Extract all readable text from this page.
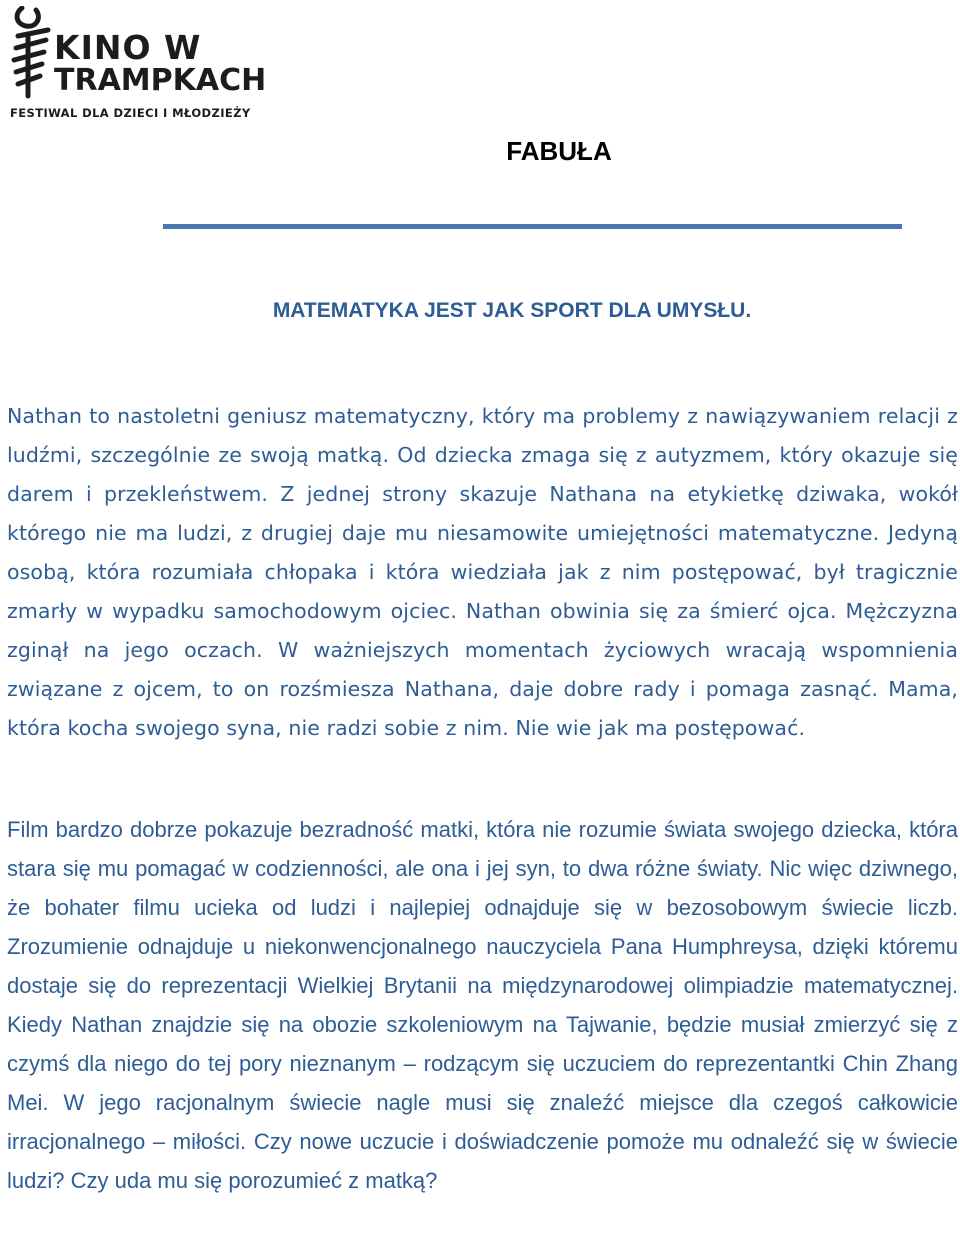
KINO W
TRAMPKACH
FESTIWAL DLA DZIECI I MŁODZIEŻY
FABUŁA
MATEMATYKA JEST JAK SPORT DLA UMYSŁU.

Nathan to nastoletni geniusz matematyczny, który ma problemy z nawiązywaniem relacji z ludźmi, szczególnie ze swoją matką. Od dziecka zmaga się z autyzmem, który okazuje się darem i przekleństwem. Z jednej strony skazuje Nathana na etykietkę dziwaka, wokół którego nie ma ludzi, z drugiej daje mu niesamowite umiejętności matematyczne. Jedyną osobą, która rozumiała chłopaka i która wiedziała jak z nim postępować, był tragicznie zmarły w wypadku samochodowym ojciec. Nathan obwinia się za śmierć ojca. Mężczyzna zginął na jego oczach. W ważniejszych momentach życiowych wracają wspomnienia związane z ojcem, to on rozśmiesza Nathana, daje dobre rady i pomaga zasnąć. Mama, która kocha swojego syna, nie radzi sobie z nim. Nie wie jak ma postępować.

Film bardzo dobrze pokazuje bezradność matki, która nie rozumie świata swojego dziecka, która stara się mu pomagać w codzienności, ale ona i jej syn, to dwa różne światy. Nic więc dziwnego, że bohater filmu ucieka od ludzi i najlepiej odnajduje się w bezosobowym świecie liczb. Zrozumienie odnajduje u niekonwencjonalnego nauczyciela Pana Humphreysa, dzięki któremu dostaje się do reprezentacji Wielkiej Brytanii na międzynarodowej olimpiadzie matematycznej. Kiedy Nathan znajdzie się na obozie szkoleniowym na Tajwanie, będzie musiał zmierzyć się z czymś dla niego do tej pory nieznanym – rodzącym się uczuciem do reprezentantki Chin Zhang Mei. W jego racjonalnym świecie nagle musi się znaleźć miejsce dla czegoś całkowicie irracjonalnego – miłości. Czy nowe uczucie i doświadczenie pomoże mu odnaleźć się w świecie ludzi? Czy uda mu się porozumieć z matką?
